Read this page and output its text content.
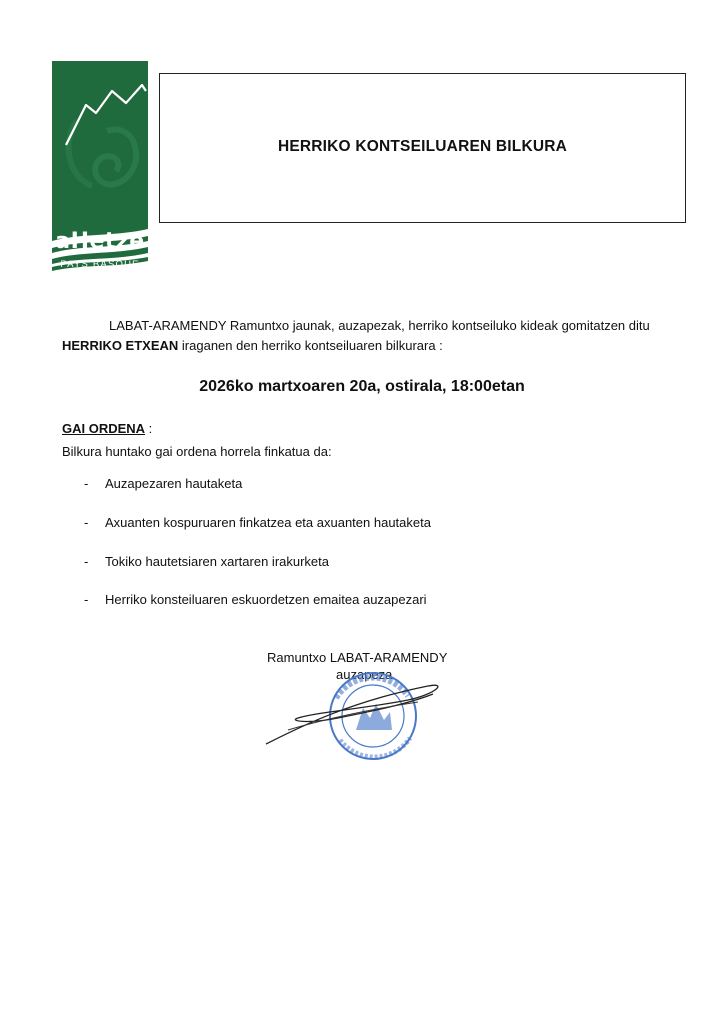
aHetze
PAYS BASQUE
EUSKAL HERRIA
HERRIKO KONTSEILUAREN BILKURA
LABAT-ARAMENDY Ramuntxo jaunak, auzapezak, herriko kontseiluko kideak gomitatzen ditu
HERRIKO ETXEAN iraganen den herriko kontseiluaren bilkurara :
2026ko martxoaren 20a, ostirala, 18:00etan
GAI ORDENA :
Bilkura huntako gai ordena horrela finkatua da:
- Auzapezaren hautaketa
- Axuanten kospuruaren finkatzea eta axuanten hautaketa
- Tokiko hautetsiaren xartaren irakurketa
- Herriko konsteiluaren eskuordetzen emaitea auzapezari
Ramuntxo LABAT-ARAMENDY
auzapeza
